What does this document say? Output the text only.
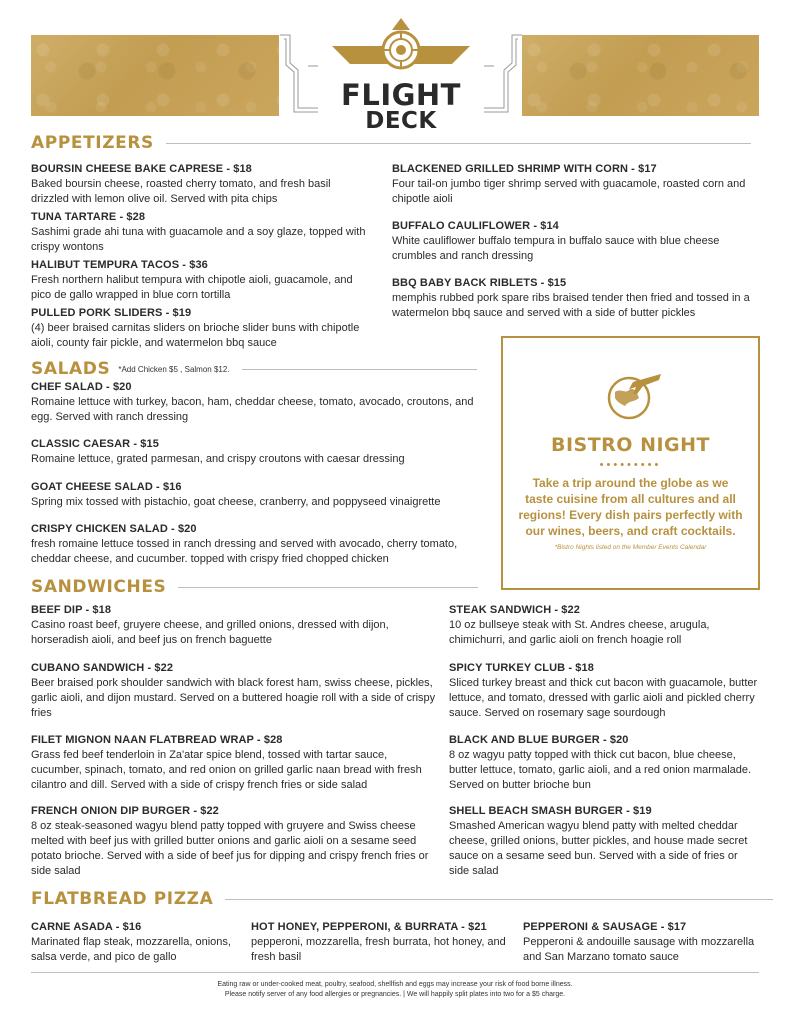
FLIGHT
DECK
APPETIZERS
BOURSIN CHEESE BAKE CAPRESE - $18
Baked boursin cheese, roasted cherry tomato, and fresh basil drizzled with lemon olive oil. Served with pita chips
TUNA TARTARE - $28
Sashimi grade ahi tuna with guacamole and a soy glaze, topped with crispy wontons
HALIBUT TEMPURA TACOS - $36
Fresh northern halibut tempura with chipotle aioli, guacamole, and pico de gallo wrapped in blue corn tortilla
PULLED PORK SLIDERS - $19
(4) beer braised carnitas sliders on brioche slider buns with chipotle aioli, county fair pickle, and watermelon bbq sauce
BLACKENED GRILLED SHRIMP WITH CORN - $17
Four tail-on jumbo tiger shrimp served with guacamole, roasted corn and chipotle aioli
BUFFALO CAULIFLOWER - $14
White cauliflower buffalo tempura in buffalo sauce with blue cheese crumbles and ranch dressing
BBQ BABY BACK RIBLETS - $15
memphis rubbed pork spare ribs braised tender then fried and tossed in a watermelon bbq sauce and served with a side of butter pickles
SALADS *Add Chicken $5 , Salmon $12.
CHEF SALAD - $20
Romaine lettuce with turkey, bacon, ham, cheddar cheese, tomato, avocado, croutons, and egg. Served with ranch dressing
CLASSIC CAESAR - $15
Romaine lettuce, grated parmesan, and crispy croutons with caesar dressing
GOAT CHEESE SALAD - $16
Spring mix tossed with pistachio, goat cheese, cranberry, and poppyseed vinaigrette
CRISPY CHICKEN SALAD - $20
fresh romaine lettuce tossed in ranch dressing and served with avocado, cherry tomato, cheddar cheese, and cucumber. topped with crispy fried chopped chicken
BISTRO NIGHT
•••••••••
Take a trip around the globe as we taste cuisine from all cultures and all regions! Every dish pairs perfectly with our wines, beers, and craft cocktails.
*Bistro Nights listed on the Member Events Calendar
SANDWICHES
BEEF DIP - $18
Casino roast beef, gruyere cheese, and grilled onions, dressed with dijon, horseradish aioli, and beef jus on french baguette
CUBANO SANDWICH - $22
Beer braised pork shoulder sandwich with black forest ham, swiss cheese, pickles, garlic aioli, and dijon mustard. Served on a buttered hoagie roll with a side of crispy fries
FILET MIGNON NAAN FLATBREAD WRAP - $28
Grass fed beef tenderloin in Za'atar spice blend, tossed with tartar sauce, cucumber, spinach, tomato, and red onion on grilled garlic naan bread with fresh cilantro and dill. Served with a side of crispy french fries or side salad
FRENCH ONION DIP BURGER - $22
8 oz steak-seasoned wagyu blend patty topped with gruyere and Swiss cheese melted with beef jus with grilled butter onions and garlic aioli on a sesame seed potato brioche. Served with a side of beef jus for dipping and crispy french fries or side salad
STEAK SANDWICH - $22
10 oz bullseye steak with St. Andres cheese, arugula, chimichurri, and garlic aioli on french hoagie roll
SPICY TURKEY CLUB - $18
Sliced turkey breast and thick cut bacon with guacamole, butter lettuce, and tomato, dressed with garlic aioli and pickled cherry sauce. Served on rosemary sage sourdough
BLACK AND BLUE BURGER - $20
8 oz wagyu patty topped with thick cut bacon, blue cheese, butter lettuce, tomato, garlic aioli, and a red onion marmalade. Served on butter brioche bun
SHELL BEACH SMASH BURGER - $19
Smashed American wagyu blend patty with melted cheddar cheese, grilled onions, butter pickles, and house made secret sauce on a sesame seed bun. Served with a side of fries or side salad
FLATBREAD PIZZA
CARNE ASADA - $16
Marinated flap steak, mozzarella, onions, salsa verde, and pico de gallo
HOT HONEY, PEPPERONI, & BURRATA - $21
pepperoni, mozzarella, fresh burrata, hot honey, and fresh basil
PEPPERONI & SAUSAGE - $17
Pepperoni & andouille sausage with mozzarella and San Marzano tomato sauce
Eating raw or under-cooked meat, poultry, seafood, shellfish and eggs may increase your risk of food borne illness.
Please notify server of any food allergies or pregnancies. | We will happily split plates into two for a $5 charge.
